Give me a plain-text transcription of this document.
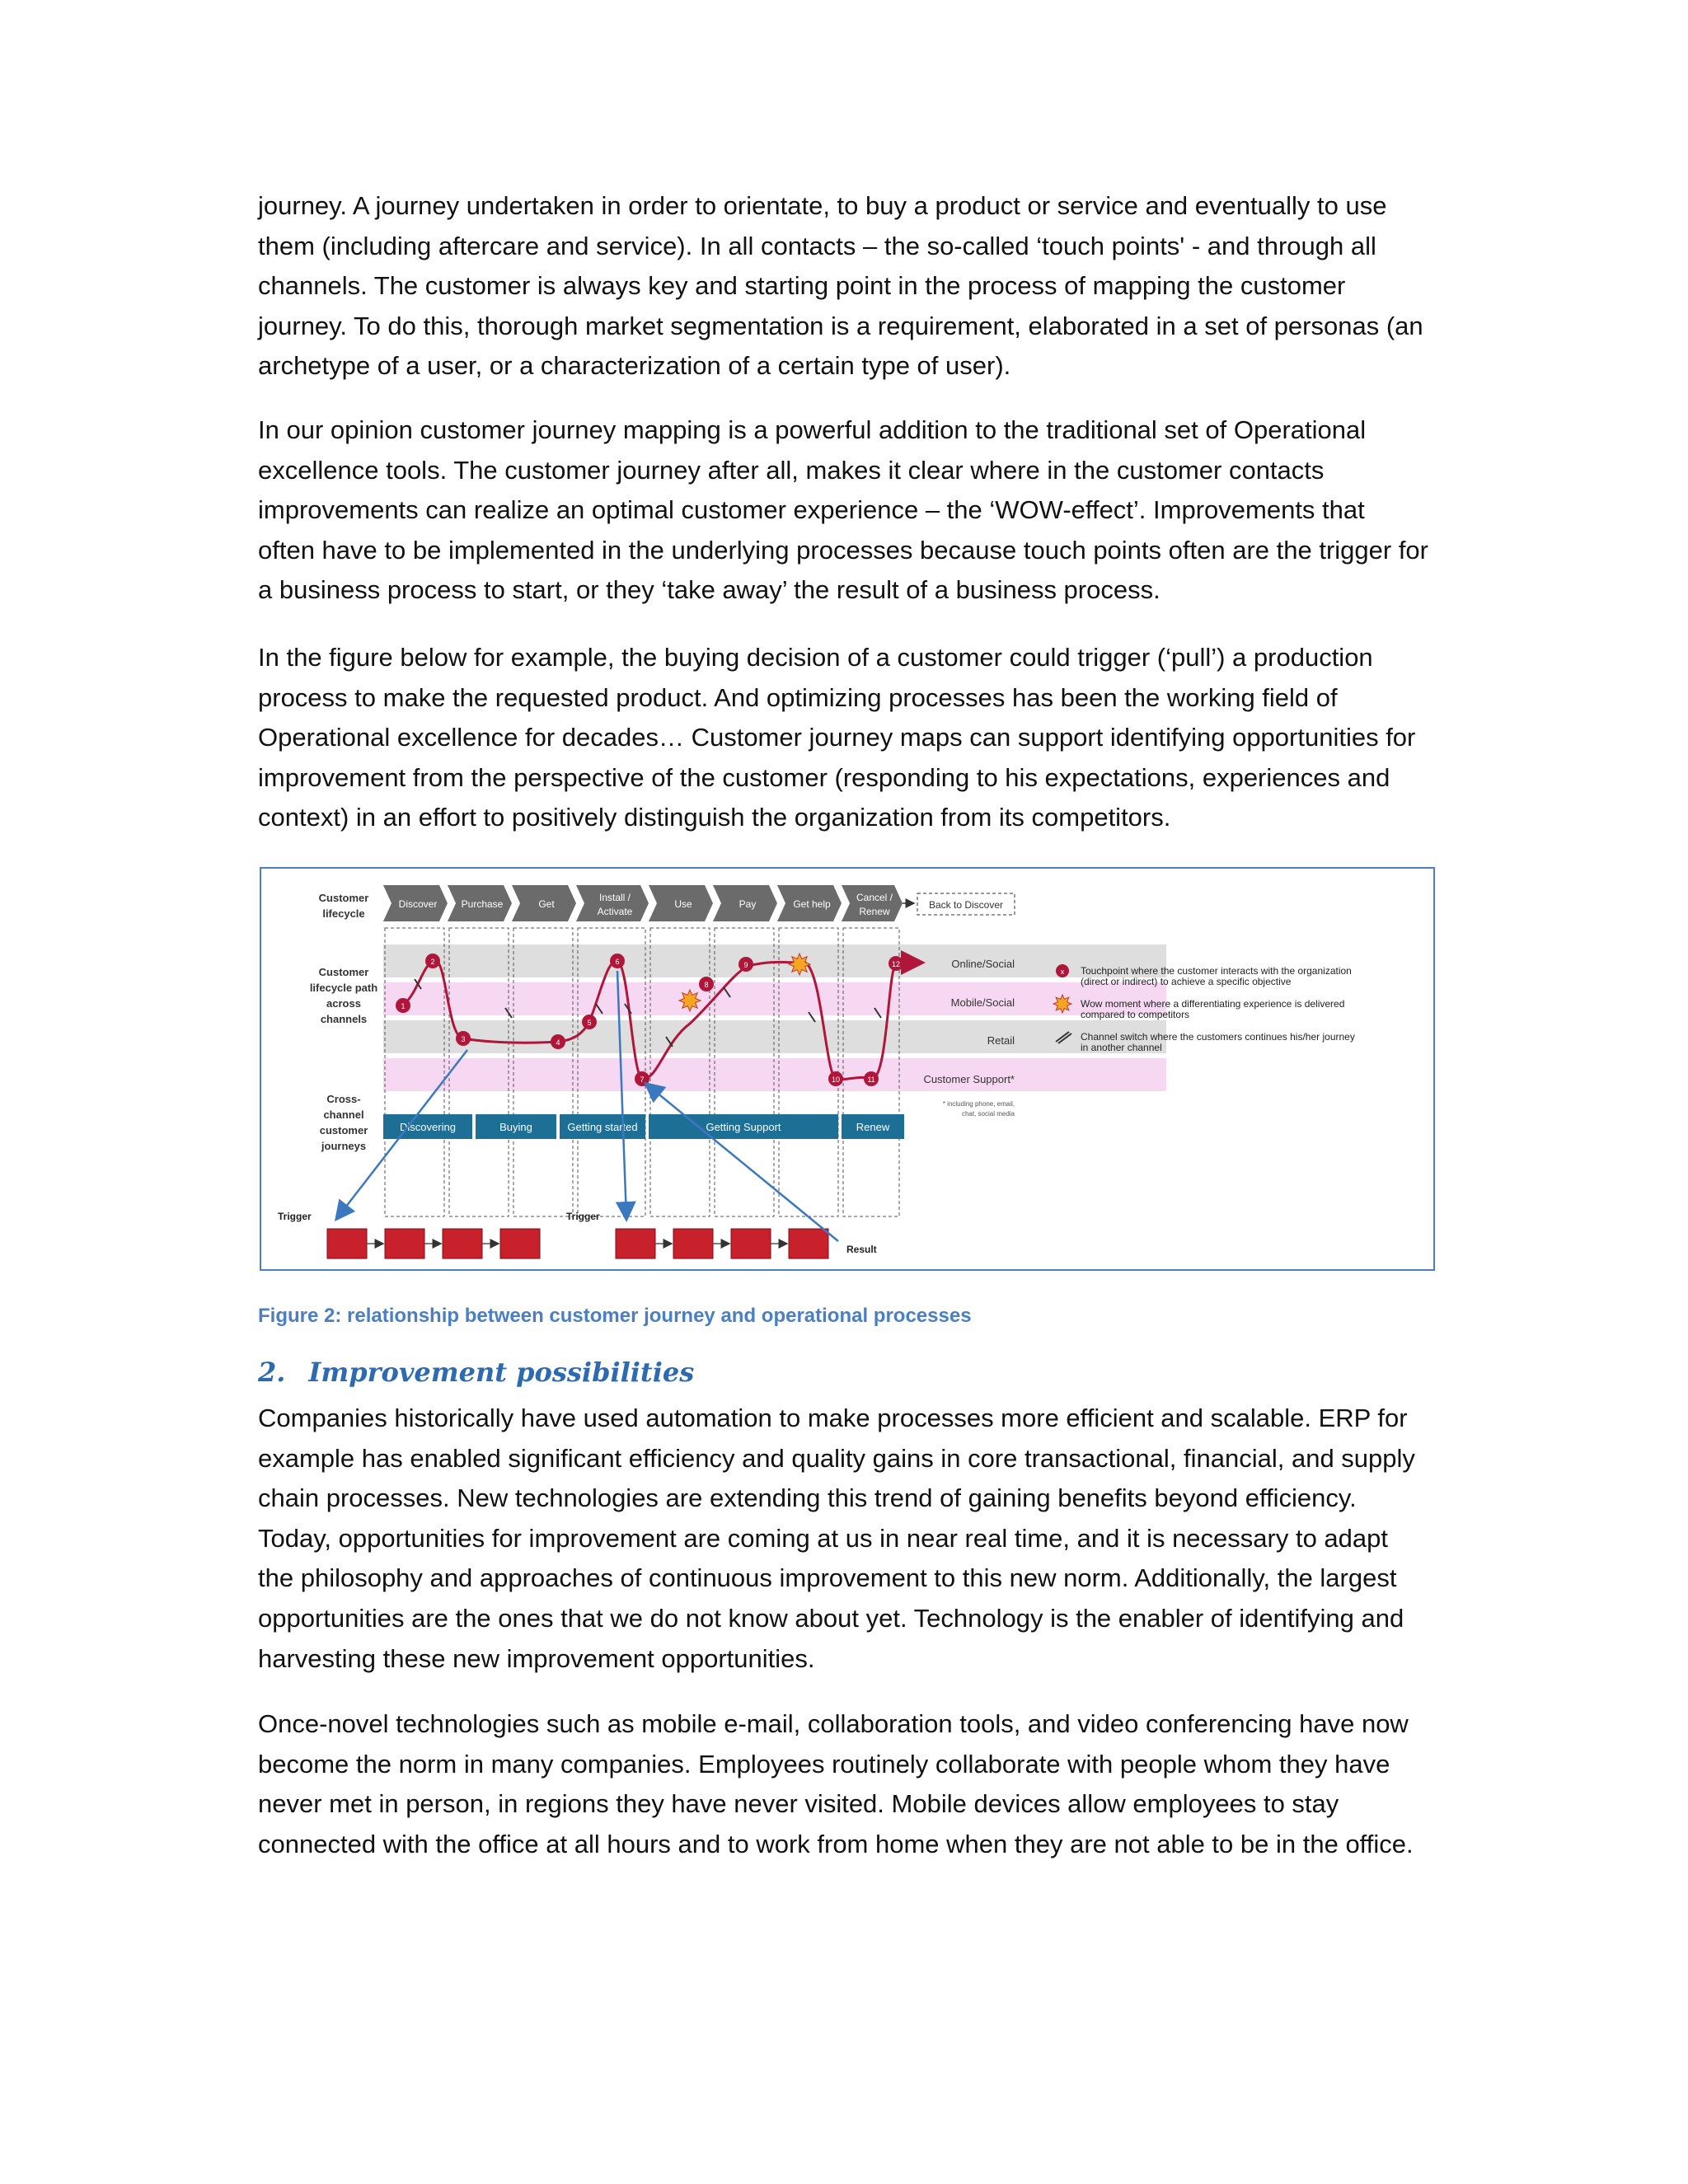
journey. A journey undertaken in order to orientate, to buy a product or service and eventually to use them (including aftercare and service). In all contacts – the so-called ‘touch points' - and through all channels. The customer is always key and starting point in the process of mapping the customer journey. To do this, thorough market segmentation is a requirement, elaborated in a set of personas (an archetype of a user, or a characterization of a certain type of user).

In our opinion customer journey mapping is a powerful addition to the traditional set of Operational excellence tools. The customer journey after all, makes it clear where in the customer contacts improvements can realize an optimal customer experience – the ‘WOW-effect’. Improvements that often have to be implemented in the underlying processes because touch points often are the trigger for a business process to start, or they ‘take away’ the result of a business process.

In the figure below for example, the buying decision of a customer could trigger (‘pull’) a production process to make the requested product. And optimizing processes has been the working field of Operational excellence for decades… Customer journey maps can support identifying opportunities for improvement from the perspective of the customer (responding to his expectations, experiences and context) in an effort to positively distinguish the organization from its competitors.

Discover Purchase	Get
Install /
Activate
Use	Pay	Get help
Cancel /
Renew
Back to Discover
Discovering	Buying	Getting started	Getting Support	Renew
Customer
lifecycle
Customer
lifecycle path
across
channels
Cross-
channel
customer
journeys
Online/Social
Mobile/Social
Retail
Customer Support*
* including phone, email,
chat, social media
1
2
3	4
5
6
7
8
9
10	11
12
Trigger	Trigger
Result
x Touchpoint where the customer interacts with the organization
(direct or indirect) to achieve a specific objective
Wow moment where a differentiating experience is delivered
compared to competitors
Channel switch where the customers continues his/her journey
in another channel
Figure 2: relationship between customer journey and operational processes
2. Improvement possibilities

Companies historically have used automation to make processes more efficient and scalable. ERP for example has enabled significant efficiency and quality gains in core transactional, financial, and supply chain processes. New technologies are extending this trend of gaining benefits beyond efficiency. Today, opportunities for improvement are coming at us in near real time, and it is necessary to adapt the philosophy and approaches of continuous improvement to this new norm. Additionally, the largest opportunities are the ones that we do not know about yet. Technology is the enabler of identifying and harvesting these new improvement opportunities.

Once-novel technologies such as mobile e-mail, collaboration tools, and video conferencing have now become the norm in many companies. Employees routinely collaborate with people whom they have never met in person, in regions they have never visited. Mobile devices allow employees to stay connected with the office at all hours and to work from home when they are not able to be in the office.
